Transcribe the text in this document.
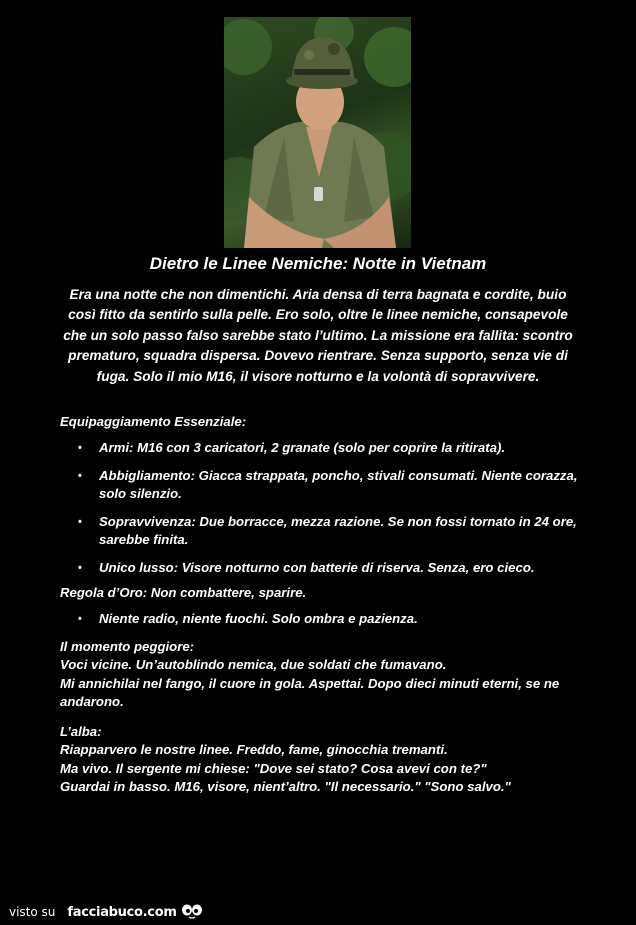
Dietro le Linee Nemiche: Notte in Vietnam

Era una notte che non dimentichi. Aria densa di terra bagnata e cordite, buio così fitto da sentirlo sulla pelle. Ero solo, oltre le linee nemiche, consapevole che un solo passo falso sarebbe stato l’ultimo. La missione era fallita: scontro prematuro, squadra dispersa. Dovevo rientrare. Senza supporto, senza vie di fuga. Solo il mio M16, il visore notturno e la volontà di sopravvivere.

Equipaggiamento Essenziale:

• Armi: M16 con 3 caricatori, 2 granate (solo per coprire la ritirata).
• Abbigliamento: Giacca strappata, poncho, stivali consumati. Niente corazza, solo silenzio.
• Sopravvivenza: Due borracce, mezza razione. Se non fossi tornato in 24 ore, sarebbe finita.
• Unico lusso: Visore notturno con batterie di riserva. Senza, ero cieco.

Regola d’Oro: Non combattere, sparire.

• Niente radio, niente fuochi. Solo ombra e pazienza.

Il momento peggiore:

Voci vicine. Un’autoblindo nemica, due soldati che fumavano.

Mi annichilai nel fango, il cuore in gola. Aspettai. Dopo dieci minuti eterni, se ne andarono.

L’alba:

Riapparvero le nostre linee. Freddo, fame, ginocchia tremanti.

Ma vivo. Il sergente mi chiese: "Dove sei stato? Cosa avevi con te?"

Guardai in basso. M16, visore, nient’altro. "Il necessario." "Sono salvo."

visto su facciabuco.com
